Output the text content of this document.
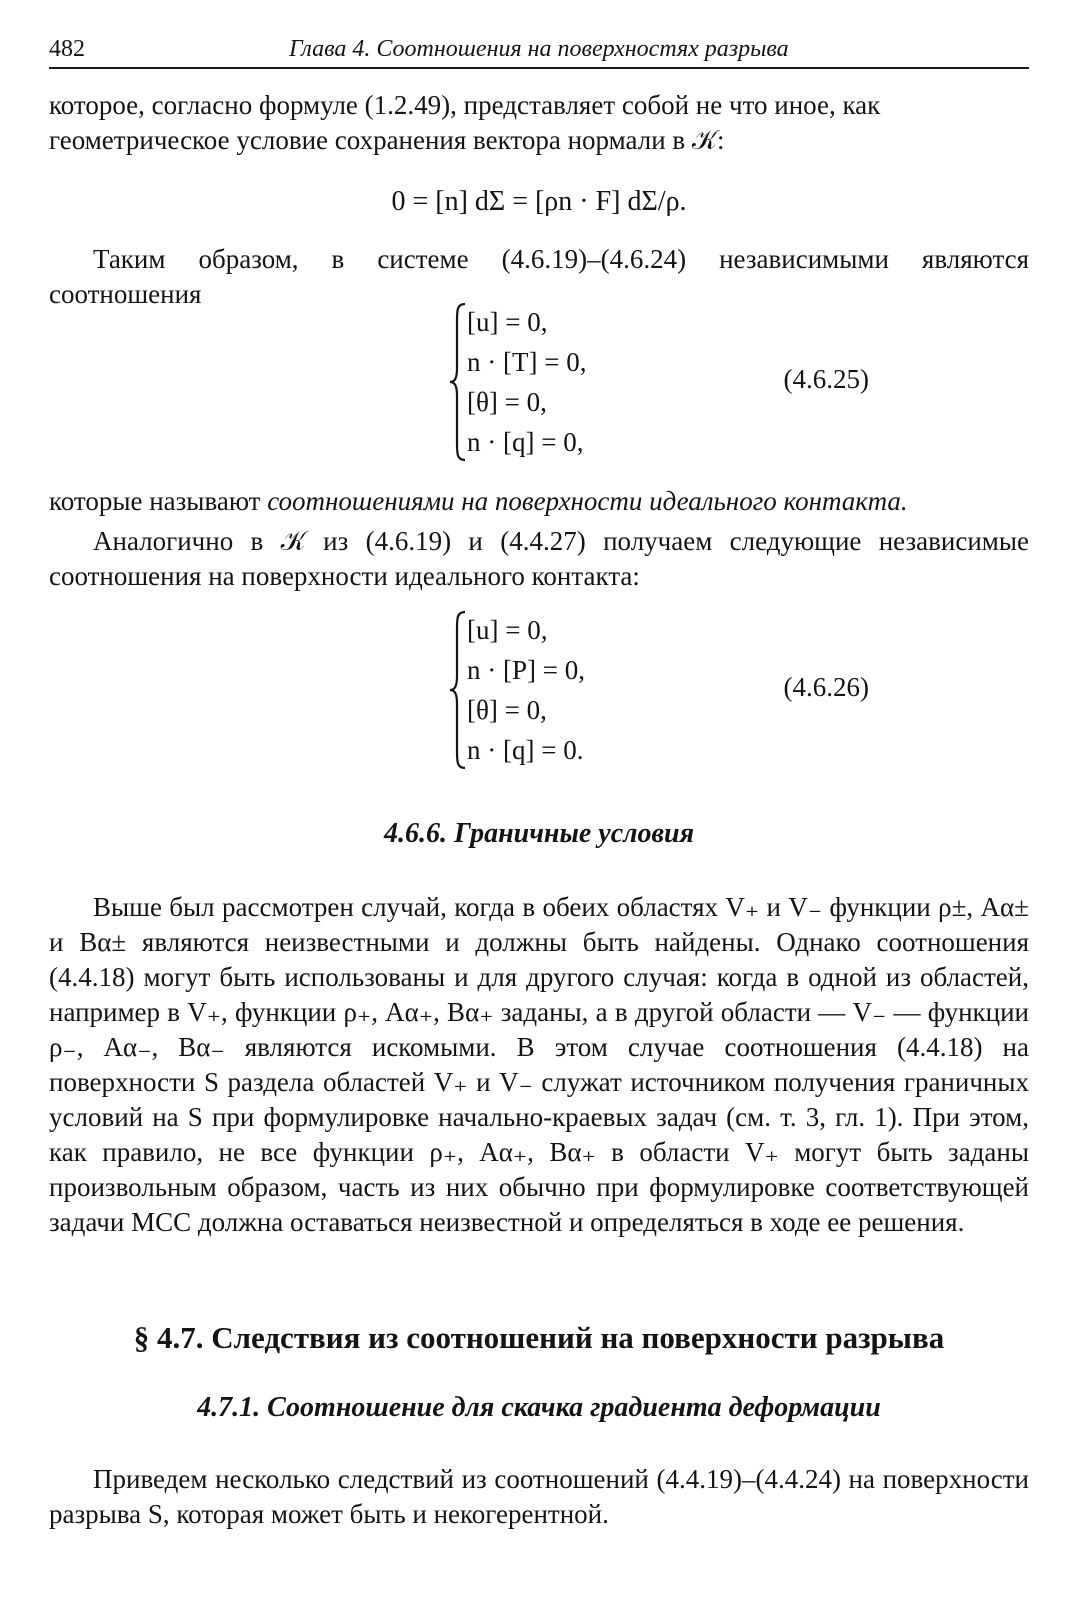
482	Глава 4. Соотношения на поверхностях разрыва
которое, согласно формуле (1.2.49), представляет собой не что иное, как
геометрическое условие сохранения вектора нормали в 𝒦:
0 = [n] dΣ = [ρn · F] dΣ/ρ.
Таким образом, в системе (4.6.19)–(4.6.24) независимыми являются соотношения
[u] = 0,
n · [T] = 0,
[θ] = 0,
n · [q] = 0,
(4.6.25)
которые называют соотношениями на поверхности идеального контакта.
Аналогично в 𝒦 из (4.6.19) и (4.4.27) получаем следующие независимые соотношения на поверхности идеального контакта:
[u] = 0,
n · [P] = 0,
[θ] = 0,
n · [q] = 0.
(4.6.26)
4.6.6. Граничные условия
Выше был рассмотрен случай, когда в обеих областях V₊ и V₋ функции ρ±, Aα± и Bα± являются неизвестными и должны быть найдены. Однако соотношения (4.4.18) могут быть использованы и для другого случая: когда в одной из областей, например в V₊, функции ρ₊, Aα₊, Bα₊ заданы, а в другой области — V₋ — функции ρ₋, Aα₋, Bα₋ являются искомыми. В этом случае соотношения (4.4.18) на поверхности S раздела областей V₊ и V₋ служат источником получения граничных условий на S при формулировке начально-краевых задач (см. т. 3, гл. 1). При этом, как правило, не все функции ρ₊, Aα₊, Bα₊ в области V₊ могут быть заданы произвольным образом, часть из них обычно при формулировке соответствующей задачи МСС должна оставаться неизвестной и определяться в ходе ее решения.
§ 4.7. Следствия из соотношений на поверхности разрыва
4.7.1. Соотношение для скачка градиента деформации
Приведем несколько следствий из соотношений (4.4.19)–(4.4.24) на поверхности разрыва S, которая может быть и некогерентной.
